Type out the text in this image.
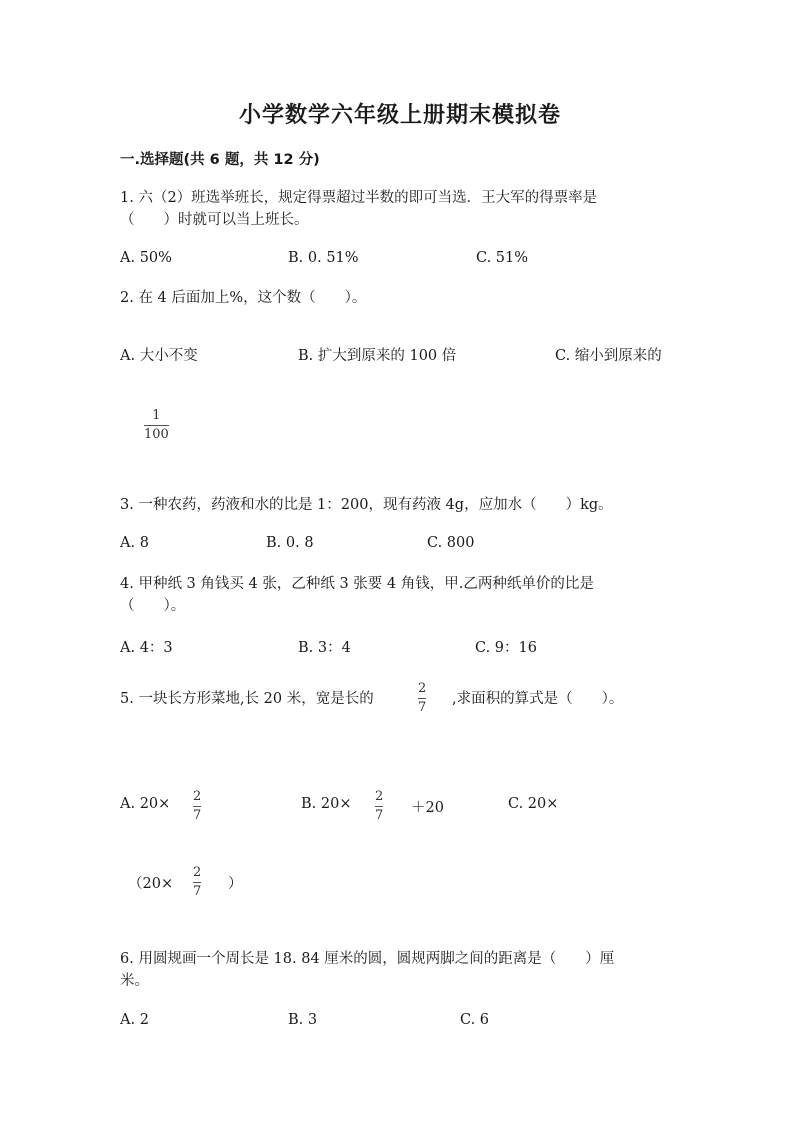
小学数学六年级上册期末模拟卷
一.选择题(共 6 题，共 12 分)
1. 六（2）班选举班长，规定得票超过半数的即可当选．王大军的得票率是
（　　）时就可以当上班长。
A. 50%	B. 0. 51%	C. 51%
2. 在 4 后面加上%，这个数（　　）。
A. 大小不变	B. 扩大到原来的 100 倍	C. 缩小到原来的
1
100
3. 一种农药，药液和水的比是 1：200，现有药液 4g，应加水（　　）kg。
A. 8	B. 0. 8	C. 800
4. 甲种纸 3 角钱买 4 张，乙种纸 3 张要 4 角钱，甲.乙两种纸单价的比是
（　　）。
A. 4：3	B. 3：4	C. 9：16
5. 一块长方形菜地,长 20 米，宽是长的
2
7
,求面积的算式是（　　）。
A. 20× 2
7
B. 20× 2
7 ＋20	C. 20×
（20×
2
7 ）
6. 用圆规画一个周长是 18. 84 厘米的圆，圆规两脚之间的距离是（　　）厘
米。
A. 2	B. 3	C. 6
